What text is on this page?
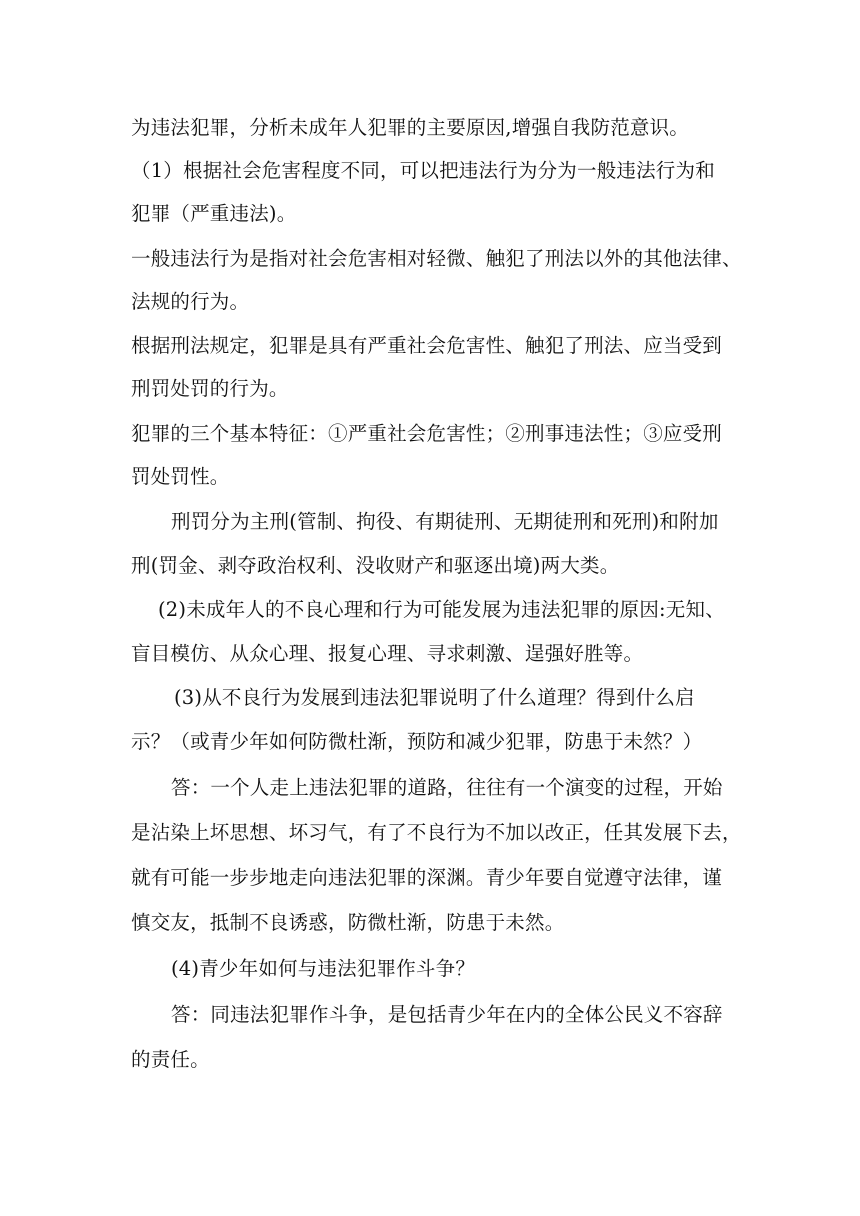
为违法犯罪，分析未成年人犯罪的主要原因,增强自我防范意识。
（1）根据社会危害程度不同，可以把违法行为分为一般违法行为和
犯罪（严重违法)。
一般违法行为是指对社会危害相对轻微、触犯了刑法以外的其他法律、
法规的行为。
根据刑法规定，犯罪是具有严重社会危害性、触犯了刑法、应当受到
刑罚处罚的行为。
犯罪的三个基本特征：①严重社会危害性；②刑事违法性；③应受刑
罚处罚性。
刑罚分为主刑(管制、拘役、有期徒刑、无期徒刑和死刑)和附加
刑(罚金、剥夺政治权利、没收财产和驱逐出境)两大类。
(2)未成年人的不良心理和行为可能发展为违法犯罪的原因:无知、
盲目模仿、从众心理、报复心理、寻求刺激、逞强好胜等。
(3)从不良行为发展到违法犯罪说明了什么道理？得到什么启
示？（或青少年如何防微杜渐，预防和减少犯罪，防患于未然？）
答：一个人走上违法犯罪的道路，往往有一个演变的过程，开始
是沾染上坏思想、坏习气，有了不良行为不加以改正，任其发展下去，
就有可能一步步地走向违法犯罪的深渊。青少年要自觉遵守法律，谨
慎交友，抵制不良诱惑，防微杜渐，防患于未然。
(4)青少年如何与违法犯罪作斗争？
答：同违法犯罪作斗争，是包括青少年在内的全体公民义不容辞
的责任。
